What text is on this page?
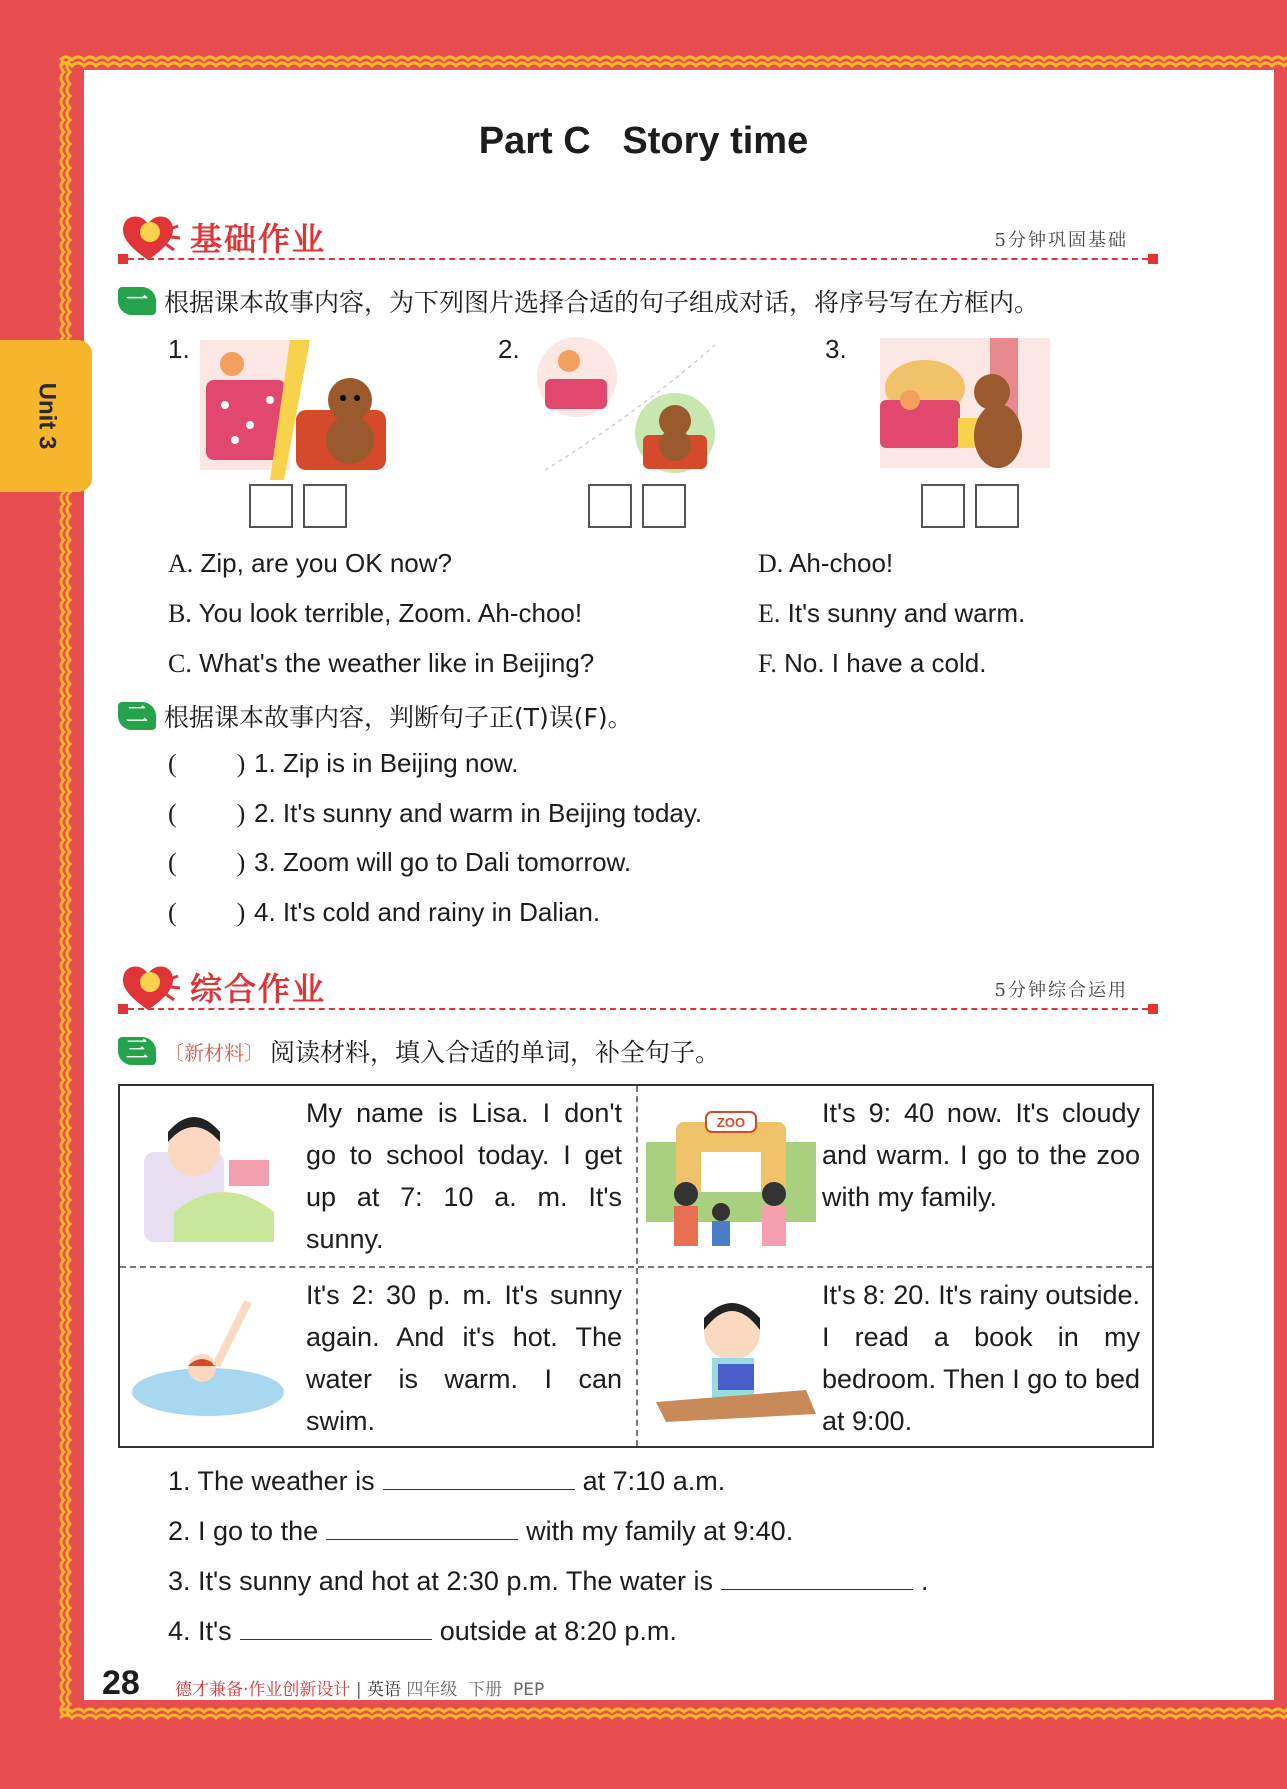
Unit 3
Part C   Story time
基础作业	5分钟巩固基础
一 根据课本故事内容，为下列图片选择合适的句子组成对话，将序号写在方框内。
1.	2.	3.
A. Zip, are you OK now?
B. You look terrible, Zoom. Ah-choo!
C. What's the weather like in Beijing?
D. Ah-choo!
E. It's sunny and warm.
F. No. I have a cold.
二 根据课本故事内容，判断句子正(T)误(F)。
( ) 1. Zip is in Beijing now.
( ) 2. It's sunny and warm in Beijing today.
( ) 3. Zoom will go to Dali tomorrow.
( ) 4. It's cold and rainy in Dalian.
综合作业	5分钟综合运用
三 〔新材料〕 阅读材料，填入合适的单词，补全句子。
My name is Lisa. I don't go to school today. I get up at 7: 10 a. m. It's sunny.
ZOO	It's 9: 40 now. It's cloudy and warm. I go to the zoo with my family.
It's 2: 30 p. m. It's sunny again. And it's hot. The water is warm. I can swim.
It's 8: 20. It's rainy outside. I read a book in my bedroom. Then I go to bed at 9:00.
1. The weather is	at 7:10 a.m.
2. I go to the	with my family at 9:40.
3. It's sunny and hot at 2:30 p.m. The water is	.
4. It's	outside at 8:20 p.m.
28 德才兼备·作业创新设计 | 英语 四年级  下册  PEP
